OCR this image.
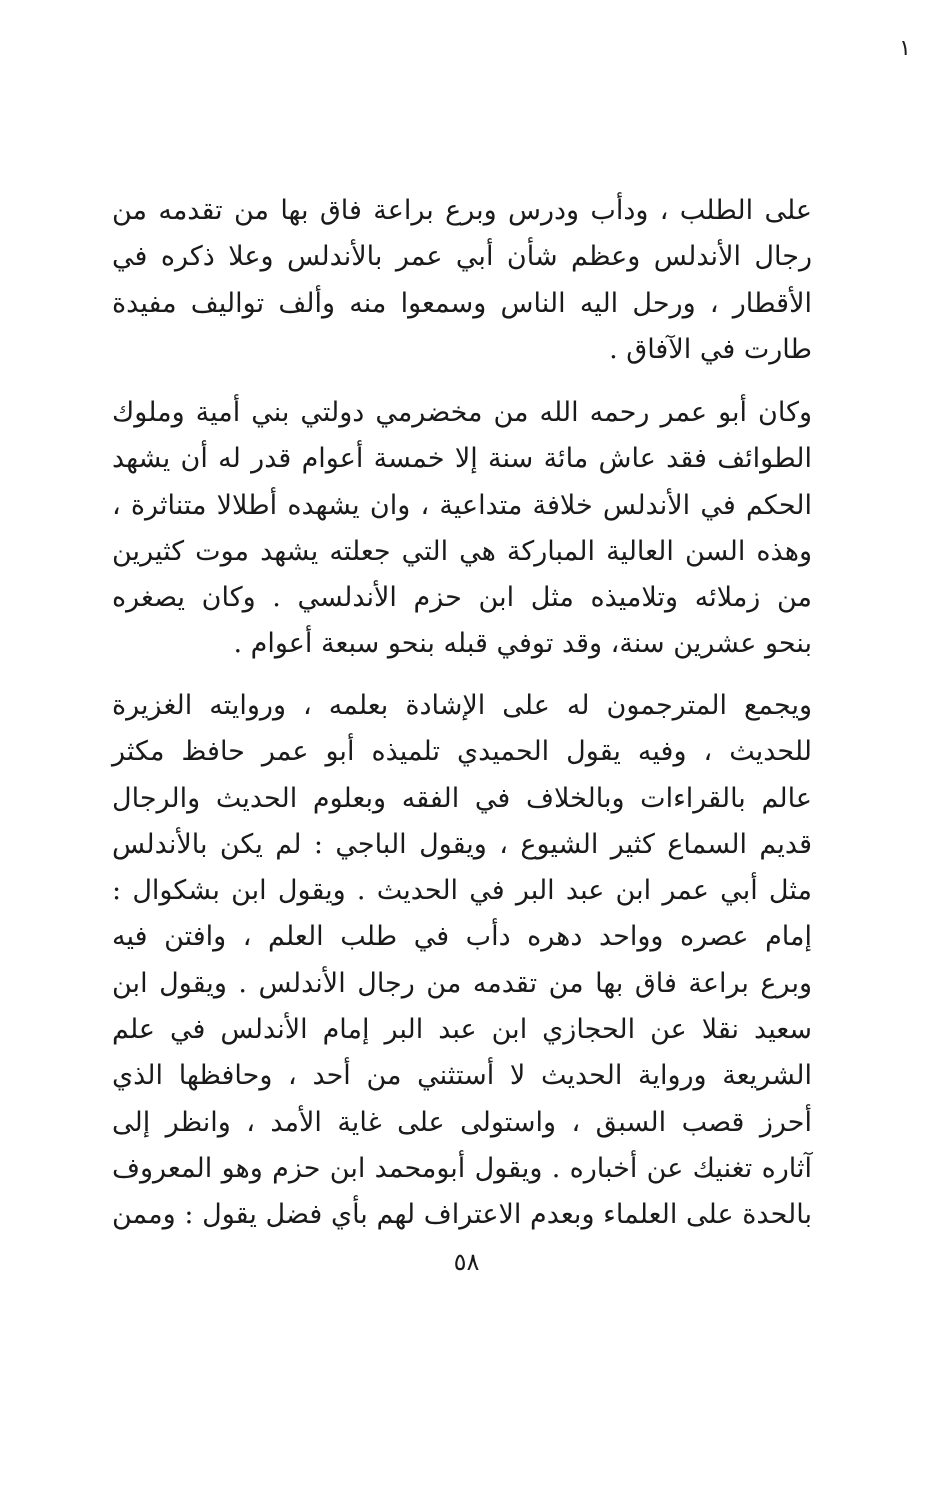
١
على الطلب ، ودأب ودرس وبرع براعة فاق بها من تقدمه من
رجال الأندلس وعظم شأن أبي عمر بالأندلس وعلا ذكره في
الأقطار ، ورحل اليه الناس وسمعوا منه وألف تواليف مفيدة
طارت في الآفاق .
وكان أبو عمر رحمه الله من مخضرمي دولتي بني أمية وملوك
الطوائف فقد عاش مائة سنة إلا خمسة أعوام قدر له أن يشهد
الحكم في الأندلس خلافة متداعية ، وان يشهده أطلالا متناثرة ،
وهذه السن العالية المباركة هي التي جعلته يشهد موت كثيرين
من زملائه وتلاميذه مثل ابن حزم الأندلسي . وكان يصغره
بنحو عشرين سنة، وقد توفي قبله بنحو سبعة أعوام .
ويجمع المترجمون له على الإشادة بعلمه ، وروايته الغزيرة
للحديث ، وفيه يقول الحميدي تلميذه أبو عمر حافظ مكثر
عالم بالقراءات وبالخلاف في الفقه وبعلوم الحديث والرجال
قديم السماع كثير الشيوع ، ويقول الباجي : لم يكن بالأندلس
مثل أبي عمر ابن عبد البر في الحديث . ويقول ابن بشكوال :
إمام عصره وواحد دهره دأب في طلب العلم ، وافتن فيه
وبرع براعة فاق بها من تقدمه من رجال الأندلس . ويقول ابن
سعيد نقلا عن الحجازي ابن عبد البر إمام الأندلس في علم
الشريعة ورواية الحديث لا أستثني من أحد ، وحافظها الذي
أحرز قصب السبق ، واستولى على غاية الأمد ، وانظر إلى
آثاره تغنيك عن أخباره . ويقول أبومحمد ابن حزم وهو المعروف
بالحدة على العلماء وبعدم الاعتراف لهم بأي فضل يقول : وممن
٥٨
